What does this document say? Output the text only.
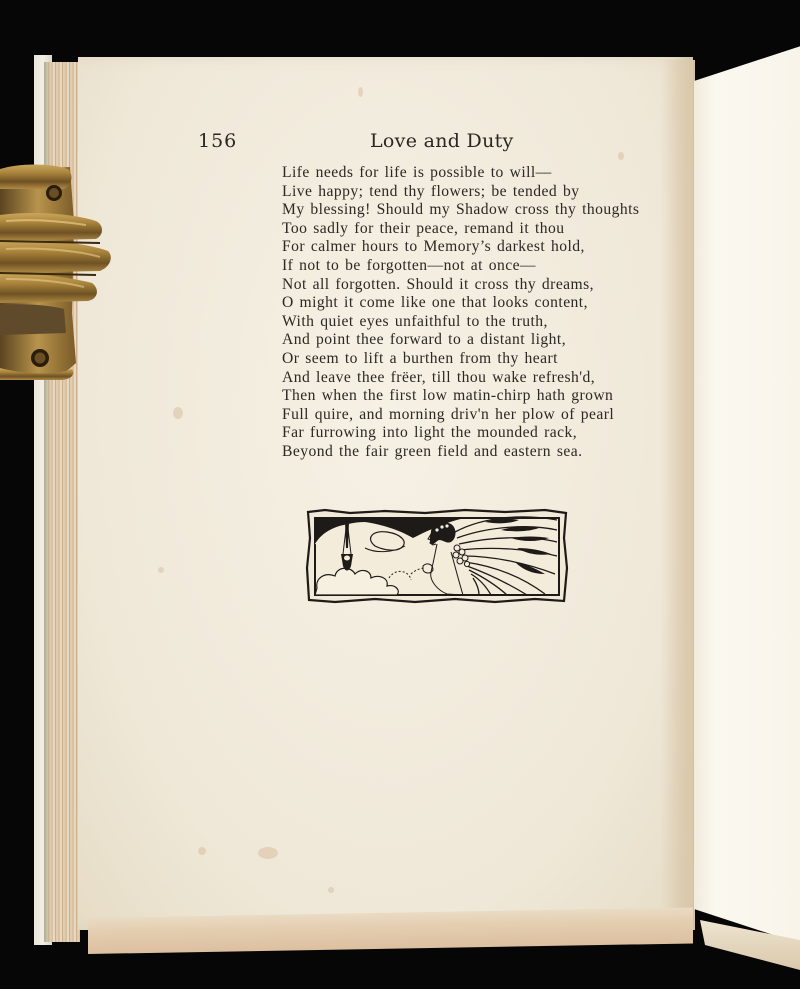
156	Love and Duty
Life needs for life is possible to will—
Live happy; tend thy flowers; be tended by
My blessing! Should my Shadow cross thy thoughts
Too sadly for their peace, remand it thou
For calmer hours to Memory’s darkest hold,
If not to be forgotten—not at once—
Not all forgotten. Should it cross thy dreams,
O might it come like one that looks content,
With quiet eyes unfaithful to the truth,
And point thee forward to a distant light,
Or seem to lift a burthen from thy heart
And leave thee frëer, till thou wake refresh'd,
Then when the first low matin-chirp hath grown
Full quire, and morning driv'n her plow of pearl
Far furrowing into light the mounded rack,
Beyond the fair green field and eastern sea.
